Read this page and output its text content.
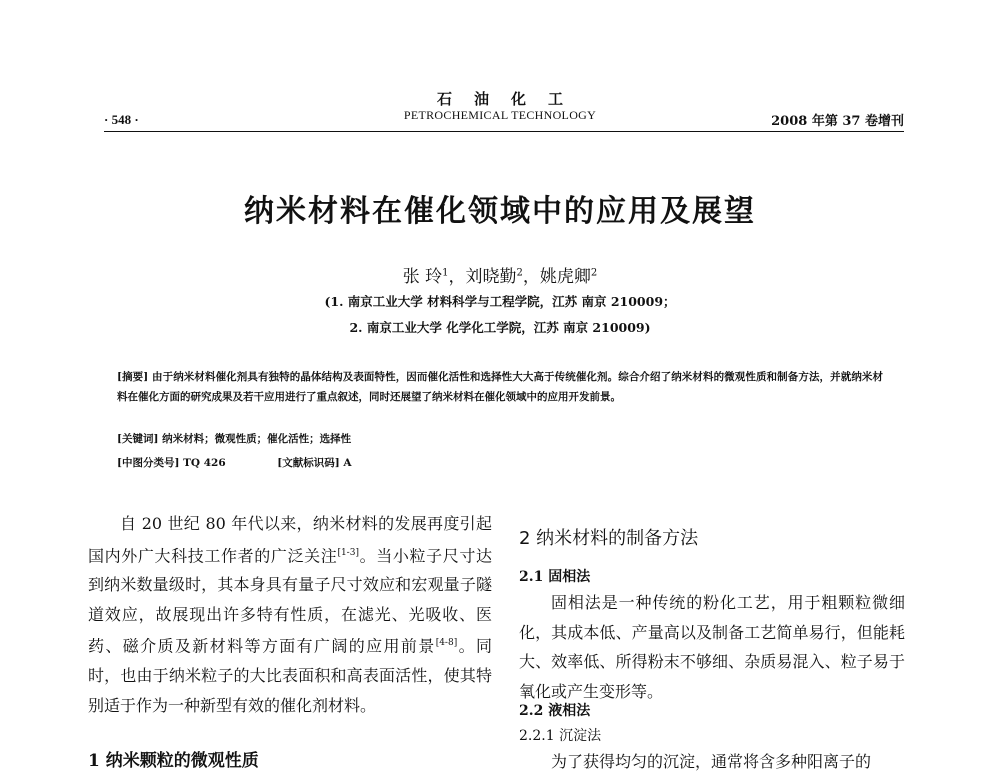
石油化工
PETROCHEMICAL TECHNOLOGY
· 548 ·	2008 年第 37 卷增刊
纳米材料在催化领域中的应用及展望
张 玲$^1$，刘晓勤$^2$，姚虎卿$^2$
(1. 南京工业大学 材料科学与工程学院，江苏 南京 210009；
2. 南京工业大学 化学化工学院，江苏 南京 210009)
[摘要] 由于纳米材料催化剂具有独特的晶体结构及表面特性，因而催化活性和选择性大大高于传统催化剂。综合介绍了纳米材料的微观性质和制备方法，并就纳米材料在催化方面的研究成果及若干应用进行了重点叙述，同时还展望了纳米材料在催化领域中的应用开发前景。
[关键词] 纳米材料；微观性质；催化活性；选择性
[中图分类号] TQ 426	[文献标识码] A
自 20 世纪 80 年代以来，纳米材料的发展再度引起国内外广大科技工作者的广泛关注[1-3]。当小粒子尺寸达到纳米数量级时，其本身具有量子尺寸效应和宏观量子隧道效应，故展现出许多特有性质，在滤光、光吸收、医药、磁介质及新材料等方面有广阔的应用前景[4-8]。同时，也由于纳米粒子的大比表面积和高表面活性，使其特别适于作为一种新型有效的催化剂材料。
1 纳米颗粒的微观性质
2 纳米材料的制备方法
2.1 固相法
固相法是一种传统的粉化工艺，用于粗颗粒微细化，其成本低、产量高以及制备工艺简单易行，但能耗大、效率低、所得粉末不够细、杂质易混入、粒子易于氧化或产生变形等。
2.2 液相法
2.2.1 沉淀法
为了获得均匀的沉淀，通常将含多种阳离子的
